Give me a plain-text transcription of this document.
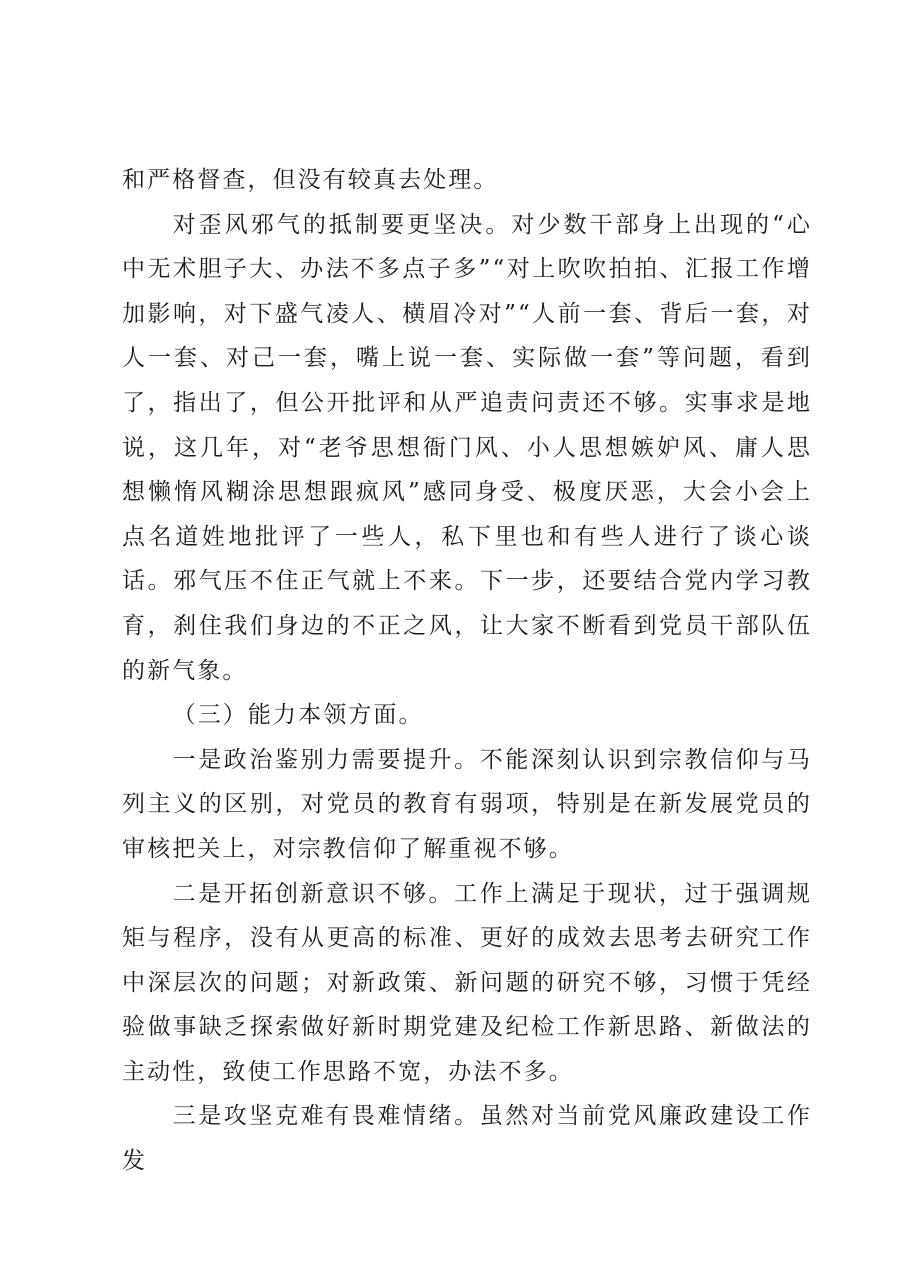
和严格督查，但没有较真去处理。

对歪风邪气的抵制要更坚决。对少数干部身上出现的“心中无术胆子大、办法不多点子多”“对上吹吹拍拍、汇报工作增加影响，对下盛气凌人、横眉冷对”“人前一套、背后一套，对人一套、对己一套，嘴上说一套、实际做一套”等问题，看到了，指出了，但公开批评和从严追责问责还不够。实事求是地说，这几年，对“老爷思想衙门风、小人思想嫉妒风、庸人思想懒惰风糊涂思想跟疯风”感同身受、极度厌恶，大会小会上点名道姓地批评了一些人，私下里也和有些人进行了谈心谈话。邪气压不住正气就上不来。下一步，还要结合党内学习教育，刹住我们身边的不正之风，让大家不断看到党员干部队伍的新气象。

（三）能力本领方面。

一是政治鉴别力需要提升。不能深刻认识到宗教信仰与马列主义的区别，对党员的教育有弱项，特别是在新发展党员的审核把关上，对宗教信仰了解重视不够。

二是开拓创新意识不够。工作上满足于现状，过于强调规矩与程序，没有从更高的标准、更好的成效去思考去研究工作中深层次的问题；对新政策、新问题的研究不够，习惯于凭经验做事缺乏探索做好新时期党建及纪检工作新思路、新做法的主动性，致使工作思路不宽，办法不多。

三是攻坚克难有畏难情绪。虽然对当前党风廉政建设工作发
